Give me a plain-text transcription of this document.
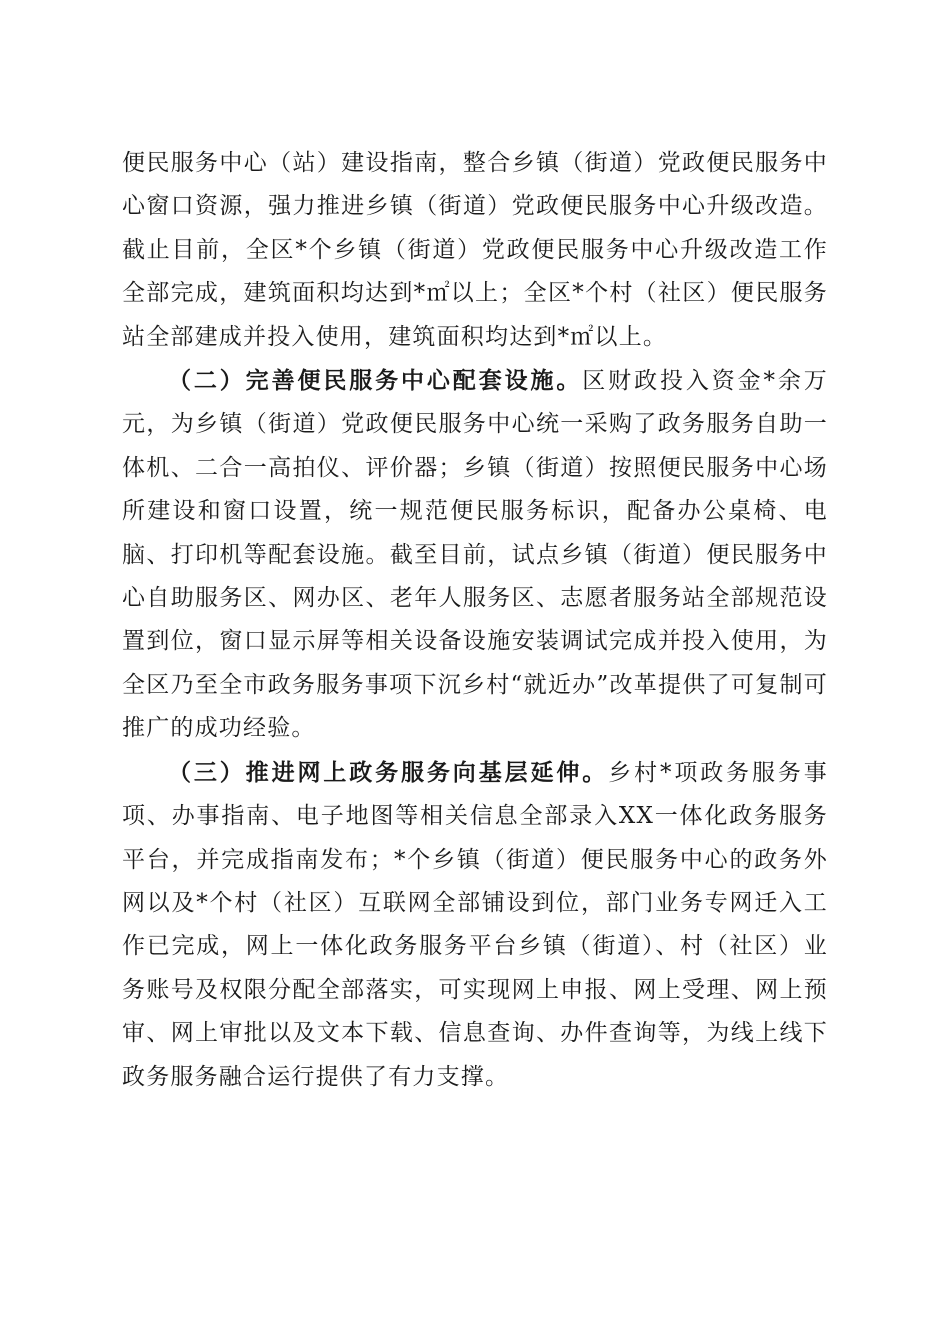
便民服务中心（站）建设指南，整合乡镇（街道）党政便民服务中心窗口资源，强力推进乡镇（街道）党政便民服务中心升级改造。截止目前，全区*个乡镇（街道）党政便民服务中心升级改造工作全部完成，建筑面积均达到*㎡以上；全区*个村（社区）便民服务站全部建成并投入使用，建筑面积均达到*㎡以上。

（二）完善便民服务中心配套设施。区财政投入资金*余万元，为乡镇（街道）党政便民服务中心统一采购了政务服务自助一体机、二合一高拍仪、评价器；乡镇（街道）按照便民服务中心场所建设和窗口设置，统一规范便民服务标识，配备办公桌椅、电脑、打印机等配套设施。截至目前，试点乡镇（街道）便民服务中心自助服务区、网办区、老年人服务区、志愿者服务站全部规范设置到位，窗口显示屏等相关设备设施安装调试完成并投入使用，为全区乃至全市政务服务事项下沉乡村“就近办”改革提供了可复制可推广的成功经验。

（三）推进网上政务服务向基层延伸。乡村*项政务服务事项、办事指南、电子地图等相关信息全部录入XX一体化政务服务平台，并完成指南发布；*个乡镇（街道）便民服务中心的政务外网以及*个村（社区）互联网全部铺设到位，部门业务专网迁入工作已完成，网上一体化政务服务平台乡镇（街道）、村（社区）业务账号及权限分配全部落实，可实现网上申报、网上受理、网上预审、网上审批以及文本下载、信息查询、办件查询等，为线上线下政务服务融合运行提供了有力支撑。
